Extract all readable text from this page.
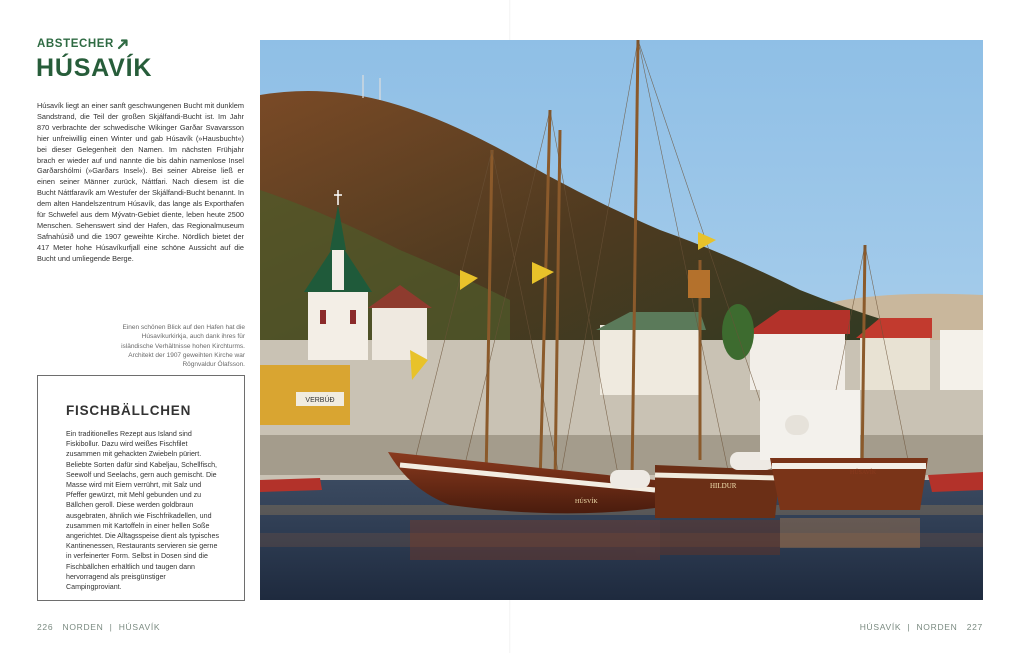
ABSTECHER
HÚSAVÍK

Húsavík liegt an einer sanft geschwungenen Bucht mit dunklem Sandstrand, die Teil der großen Skjálfandi-Bucht ist. Im Jahr 870 verbrachte der schwedische Wikinger Garðar Svavarsson hier unfreiwillig einen Winter und gab Húsavík (»Hausbucht«) bei dieser Gelegenheit den Namen. Im nächsten Frühjahr brach er wieder auf und nannte die bis dahin namenlose Insel Garðarshólmi (»Garðars Insel«). Bei seiner Abreise ließ er einen seiner Männer zurück, Náttfari. Nach diesem ist die Bucht Náttfaravík am Westufer der Skjálfandi-Bucht benannt. In dem alten Handelszentrum Húsavík, das lange als Exporthafen für Schwefel aus dem Mývatn-Gebiet diente, leben heute 2500 Menschen. Sehenswert sind der Hafen, das Regionalmuseum Safnahúsið und die 1907 geweihte Kirche. Nördlich bietet der 417 Meter hohe Húsavíkurfjall eine schöne Aussicht auf die Bucht und umliegende Berge.

Einen schönen Blick auf den Hafen hat die Húsavíkurkirkja, auch dank ihres für isländische Verhältnisse hohen Kirchturms. Architekt der 1907 geweihten Kirche war Rögnvaldur Ólafsson.

FISCHBÄLLCHEN

Ein traditionelles Rezept aus Island sind Fiskibollur. Dazu wird weißes Fischfilet zusammen mit gehackten Zwiebeln püriert. Beliebte Sorten dafür sind Kabeljau, Schellfisch, Seewolf und Seelachs, gern auch gemischt. Die Masse wird mit Eiern verrührt, mit Salz und Pfeffer gewürzt, mit Mehl gebunden und zu Bällchen geroll. Diese werden goldbraun ausgebraten, ähnlich wie Fischfrikadellen, und zusammen mit Kartoffeln in einer hellen Soße angerichtet. Die Alltagsspeise dient als typisches Kantinenessen, Restaurants servieren sie gerne in verfeinerter Form. Selbst in Dosen sind die Fischbällchen erhältlich und taugen dann hervorragend als preisgünstiger Campingproviant.

226 NORDEN | HÚSAVÍK
VERBÚÐ
HÚSVÍK
HILDUR
HÚSAVÍK
HÚSAVÍK | NORDEN 227
